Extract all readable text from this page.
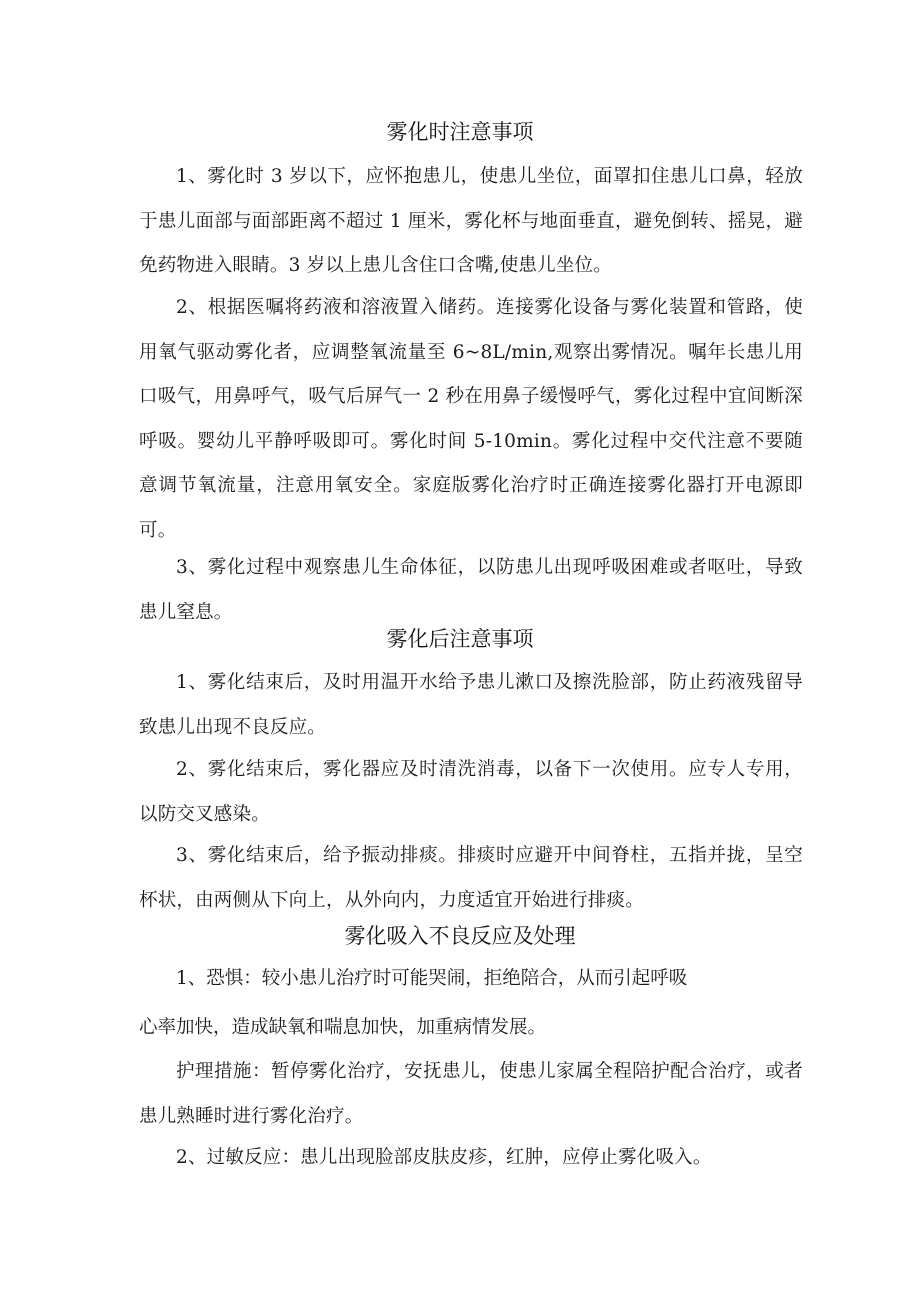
雾化时注意事项

1、雾化时 3 岁以下，应怀抱患儿，使患儿坐位，面罩扣住患儿口鼻，轻放于患儿面部与面部距离不超过 1 厘米，雾化杯与地面垂直，避免倒转、摇晃，避免药物进入眼睛。3 岁以上患儿含住口含嘴,使患儿坐位。

2、根据医嘱将药液和溶液置入储药。连接雾化设备与雾化装置和管路，使用氧气驱动雾化者，应调整氧流量至 6~8L/min,观察出雾情况。嘱年长患儿用口吸气，用鼻呼气，吸气后屏气一 2 秒在用鼻子缓慢呼气，雾化过程中宜间断深呼吸。婴幼儿平静呼吸即可。雾化时间 5-10min。雾化过程中交代注意不要随意调节氧流量，注意用氧安全。家庭版雾化治疗时正确连接雾化器打开电源即可。

3、雾化过程中观察患儿生命体征，以防患儿出现呼吸困难或者呕吐，导致患儿窒息。

雾化后注意事项

1、雾化结束后，及时用温开水给予患儿漱口及擦洗脸部，防止药液残留导致患儿出现不良反应。

2、雾化结束后，雾化器应及时清洗消毒，以备下一次使用。应专人专用，以防交叉感染。

3、雾化结束后，给予振动排痰。排痰时应避开中间脊柱，五指并拢，呈空杯状，由两侧从下向上，从外向内，力度适宜开始进行排痰。

雾化吸入不良反应及处理

1、恐惧：较小患儿治疗时可能哭闹，拒绝陪合，从而引起呼吸

心率加快，造成缺氧和喘息加快，加重病情发展。

护理措施：暂停雾化治疗，安抚患儿，使患儿家属全程陪护配合治疗，或者患儿熟睡时进行雾化治疗。

2、过敏反应：患儿出现脸部皮肤皮疹，红肿，应停止雾化吸入。
